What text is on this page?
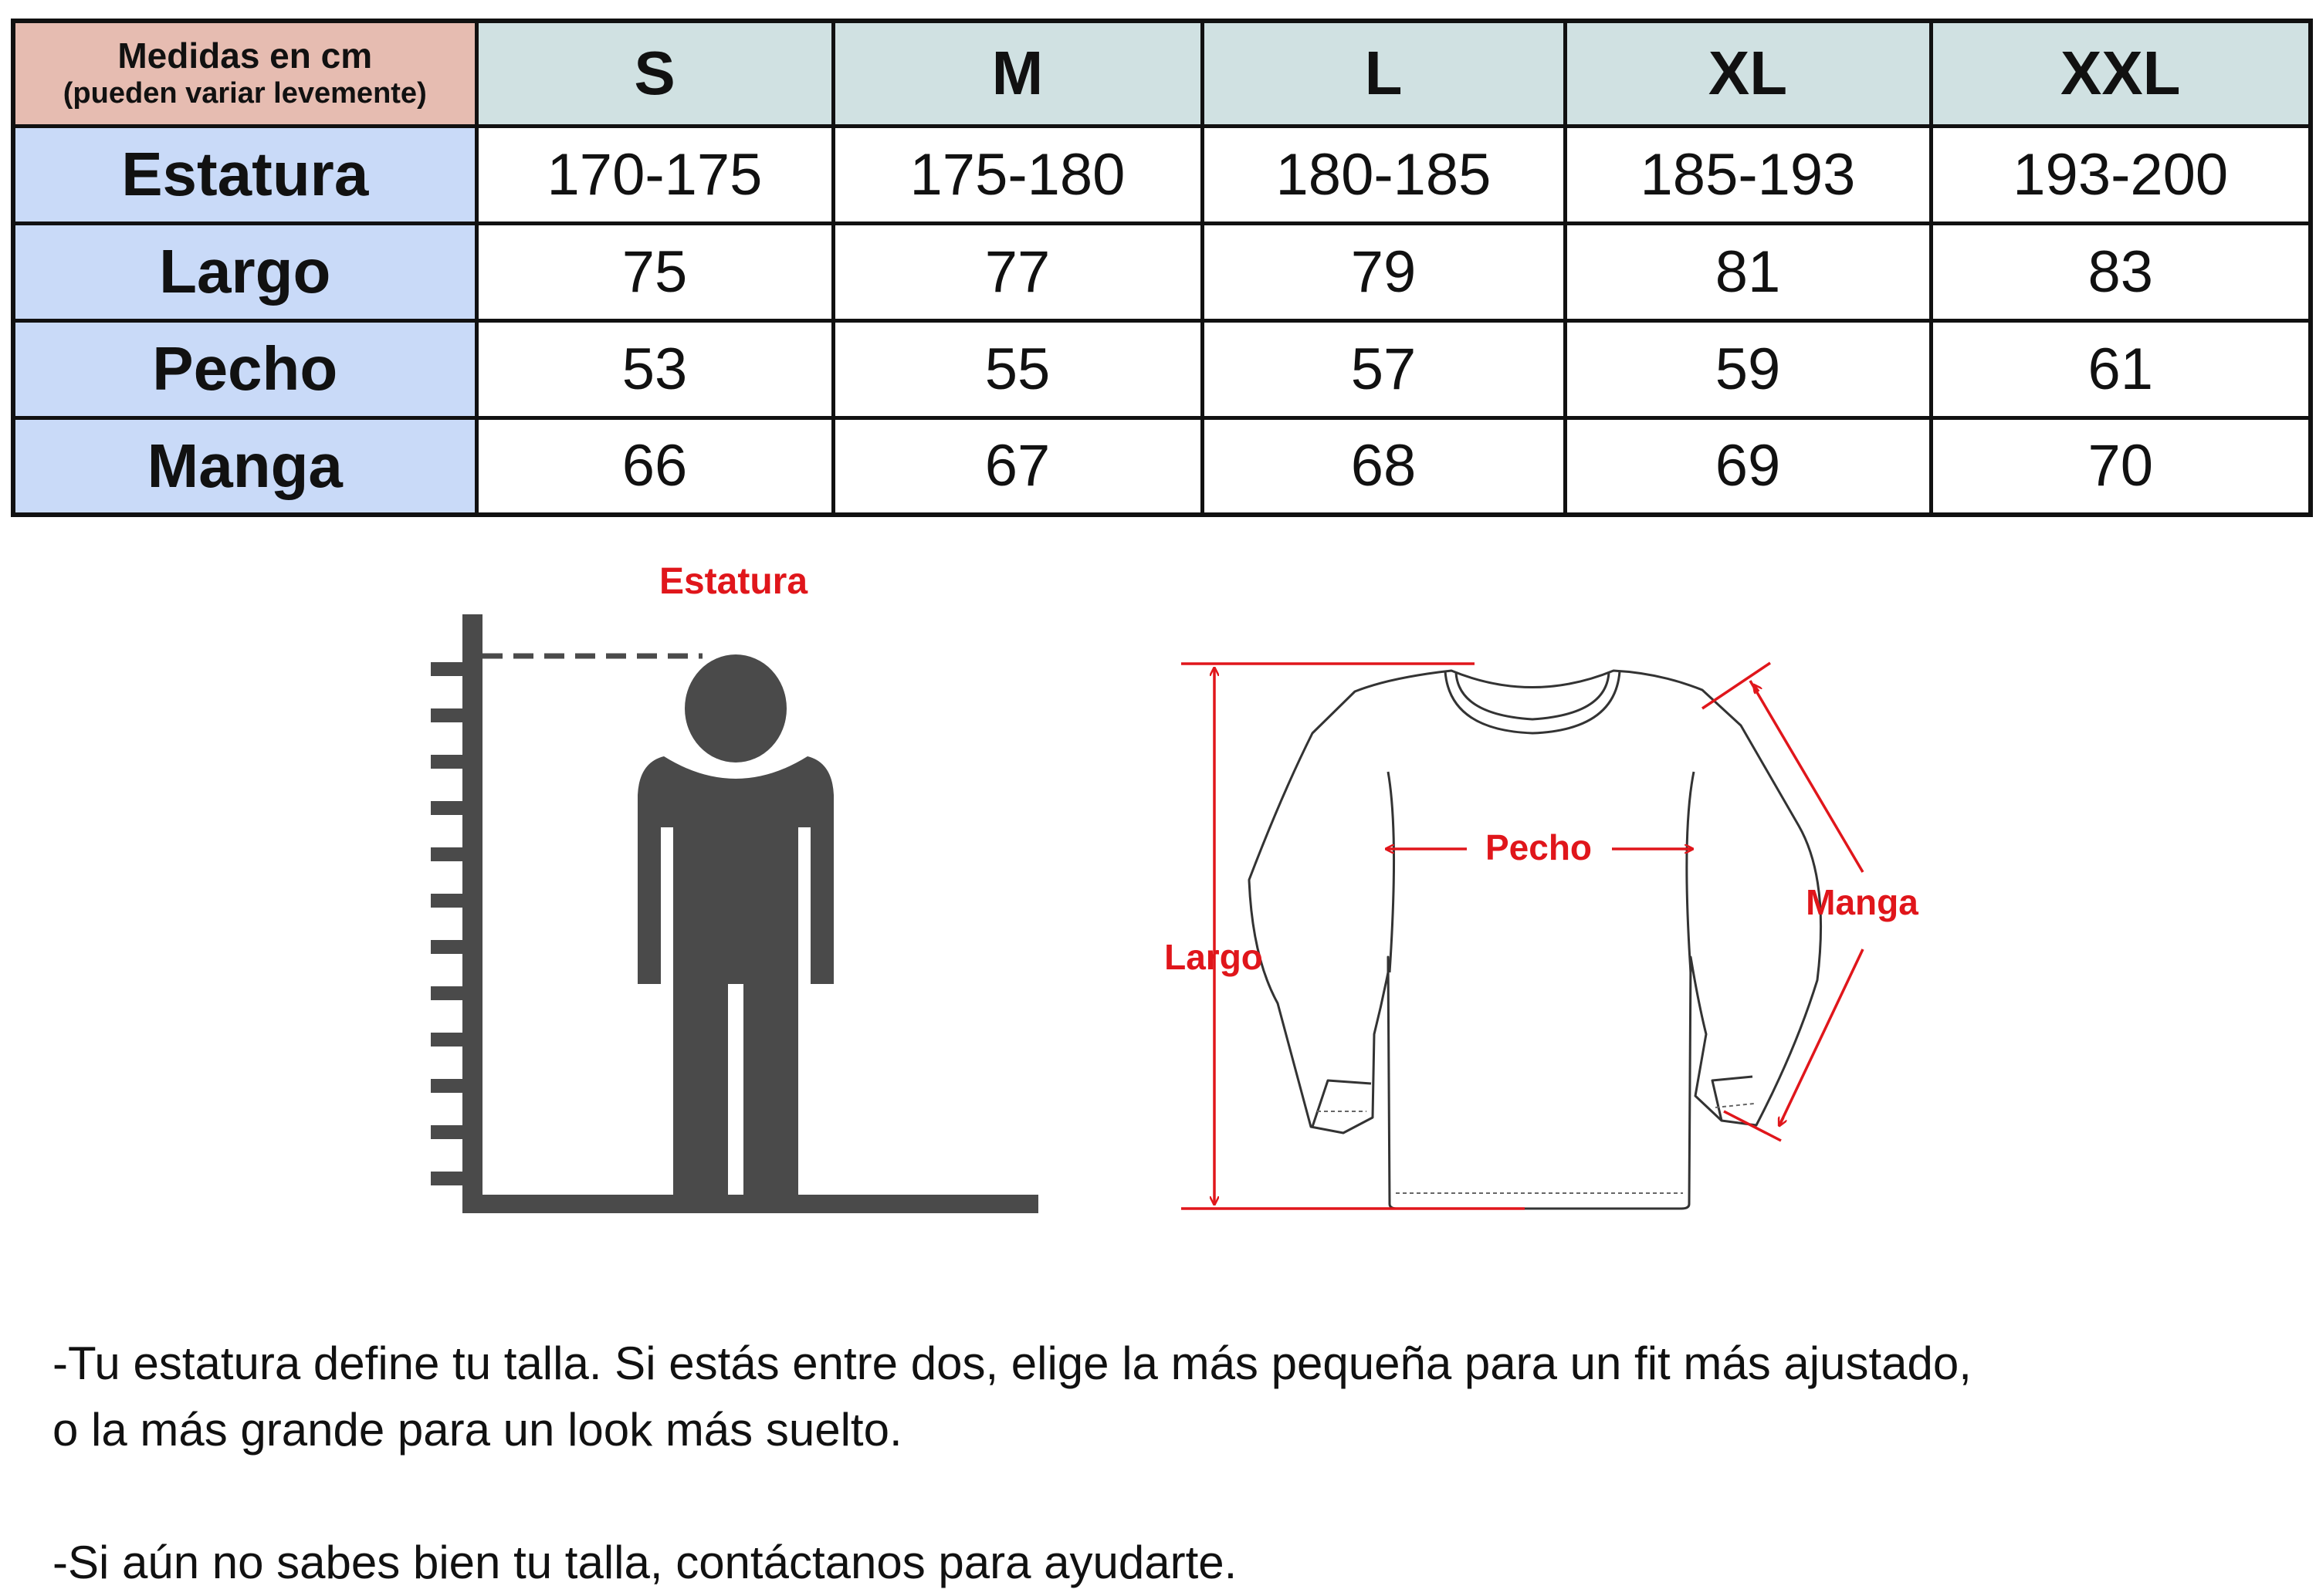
Medidas en cm
(pueden variar levemente)	S	M	L	XL	XXL
Estatura	170-175	175-180	180-185	185-193	193-200
Largo	75	77	79	81	83
Pecho	53	55	57	59	61
Manga	66	67	68	69	70
Estatura
Pecho
Largo
Manga

-Tu estatura define tu talla. Si estás entre dos, elige la más pequeña para un fit más ajustado,
o la más grande para un look más suelto.

-Si aún no sabes bien tu talla, contáctanos para ayudarte.
